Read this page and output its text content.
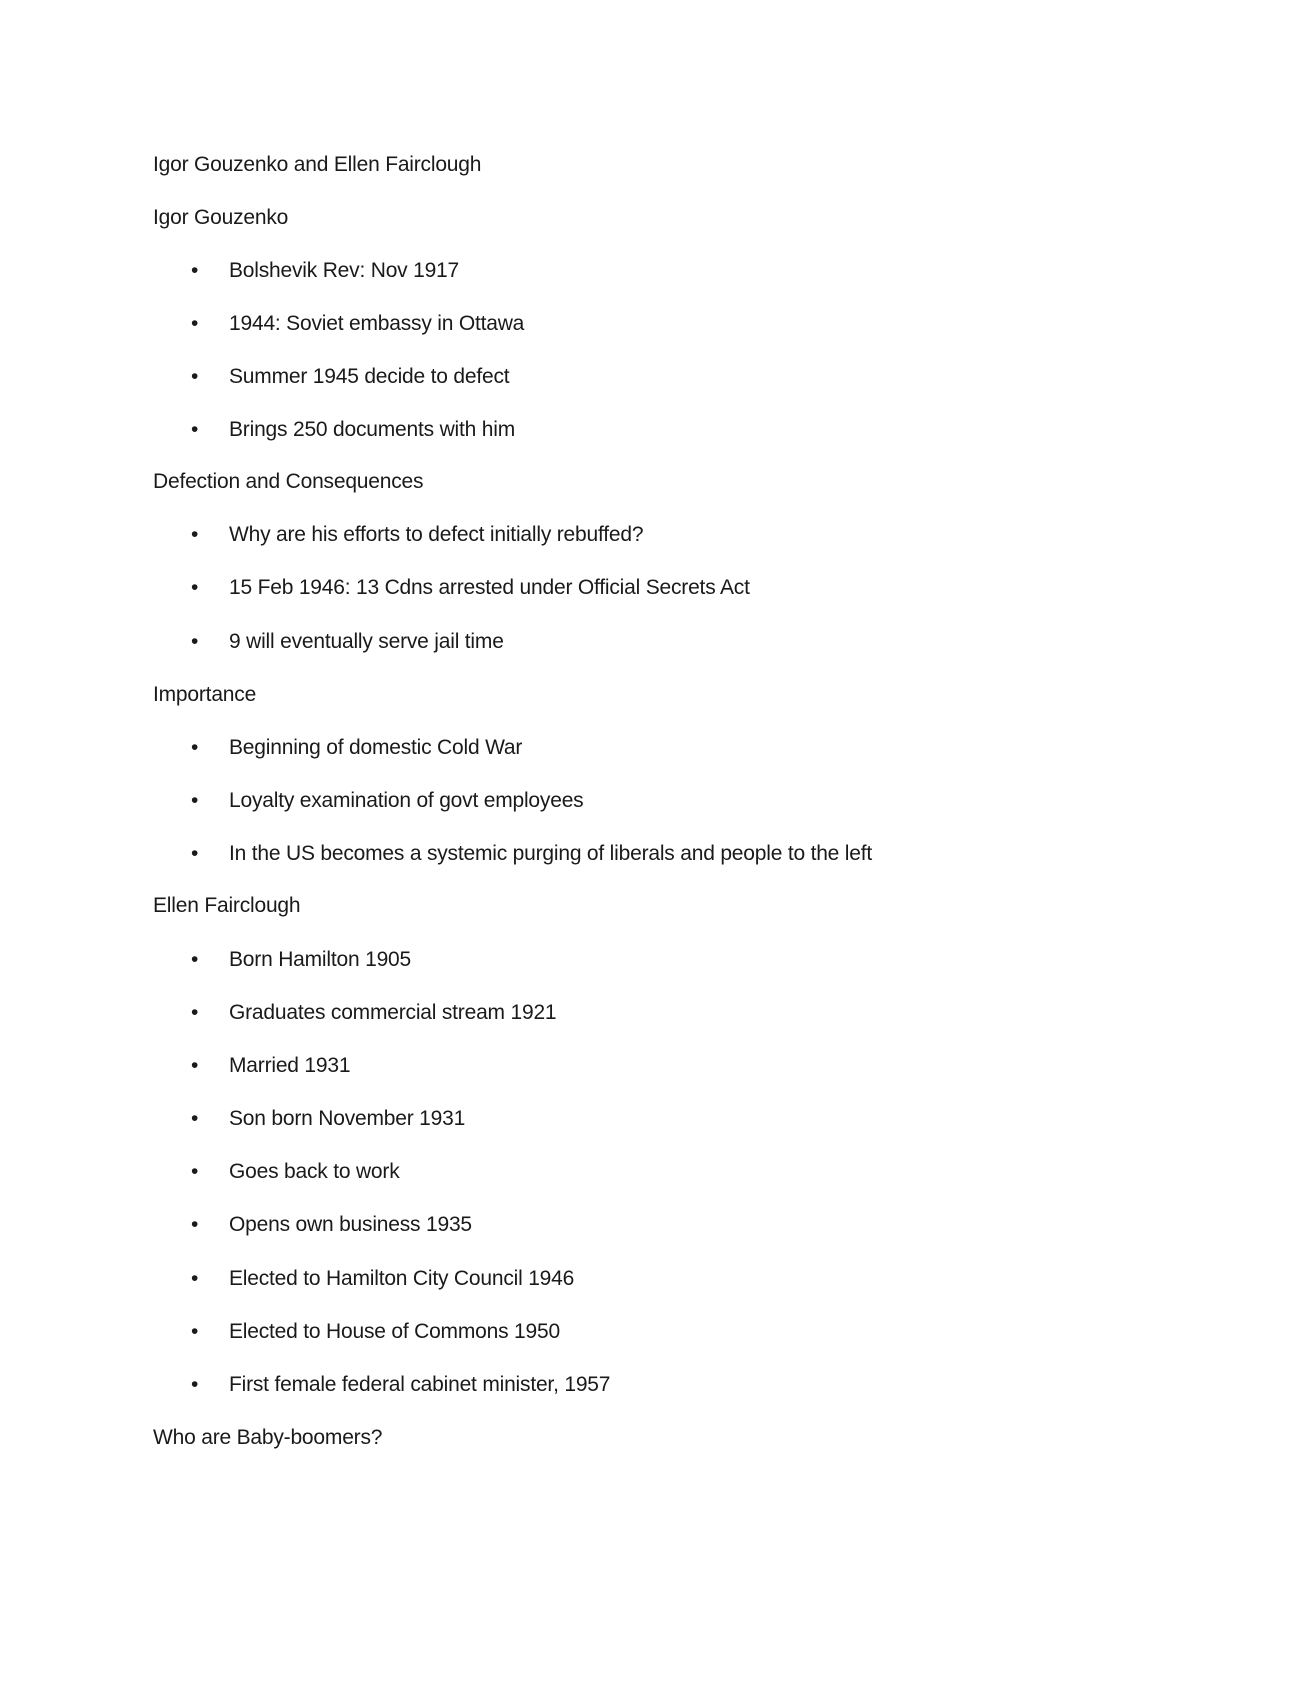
Igor Gouzenko and Ellen Fairclough
Igor Gouzenko
• Bolshevik Rev: Nov 1917
• 1944: Soviet embassy in Ottawa
• Summer 1945 decide to defect
• Brings 250 documents with him
Defection and Consequences
• Why are his efforts to defect initially rebuffed?
• 15 Feb 1946: 13 Cdns arrested under Official Secrets Act
• 9 will eventually serve jail time
Importance
• Beginning of domestic Cold War
• Loyalty examination of govt employees
• In the US becomes a systemic purging of liberals and people to the left
Ellen Fairclough
• Born Hamilton 1905
• Graduates commercial stream 1921
• Married 1931
• Son born November 1931
• Goes back to work
• Opens own business 1935
• Elected to Hamilton City Council 1946
• Elected to House of Commons 1950
• First female federal cabinet minister, 1957
Who are Baby-boomers?
